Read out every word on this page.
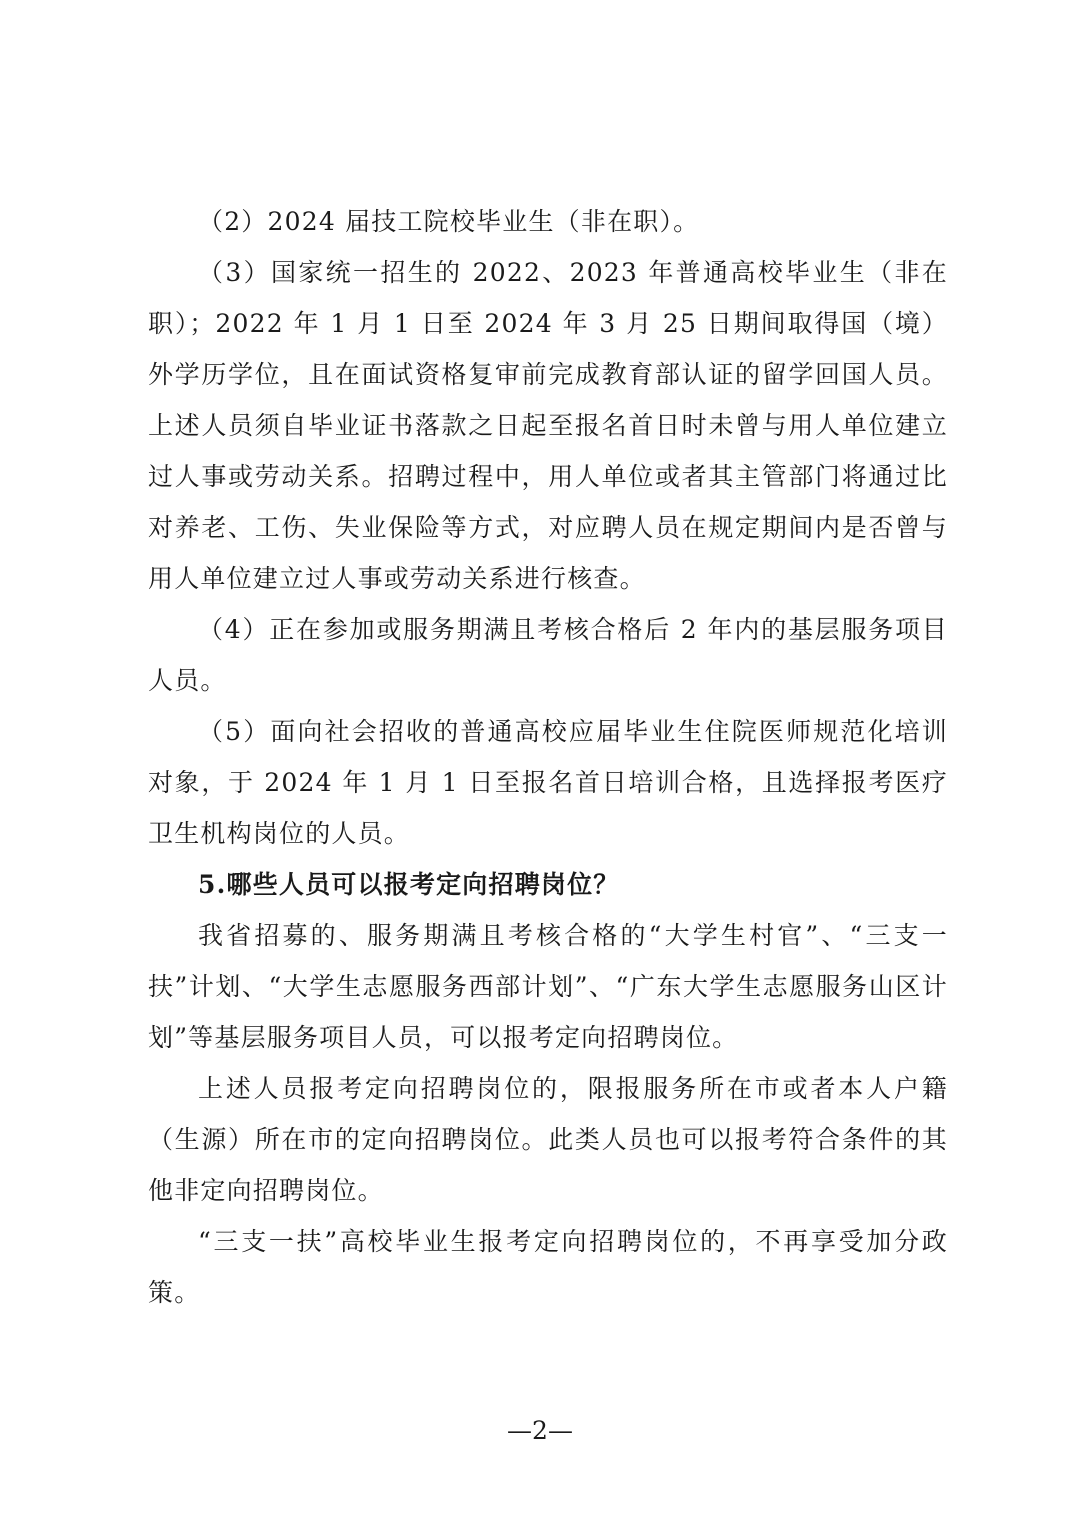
（2）2024 届技工院校毕业生（非在职）。

（3）国家统一招生的 2022、2023 年普通高校毕业生（非在职）；2022 年 1 月 1 日至 2024 年 3 月 25 日期间取得国（境）外学历学位，且在面试资格复审前完成教育部认证的留学回国人员。上述人员须自毕业证书落款之日起至报名首日时未曾与用人单位建立过人事或劳动关系。招聘过程中，用人单位或者其主管部门将通过比对养老、工伤、失业保险等方式，对应聘人员在规定期间内是否曾与用人单位建立过人事或劳动关系进行核查。

（4）正在参加或服务期满且考核合格后 2 年内的基层服务项目人员。

（5）面向社会招收的普通高校应届毕业生住院医师规范化培训对象，于 2024 年 1 月 1 日至报名首日培训合格，且选择报考医疗卫生机构岗位的人员。

5.哪些人员可以报考定向招聘岗位？

我省招募的、服务期满且考核合格的“大学生村官”、“三支一扶”计划、“大学生志愿服务西部计划”、“广东大学生志愿服务山区计划”等基层服务项目人员，可以报考定向招聘岗位。

上述人员报考定向招聘岗位的，限报服务所在市或者本人户籍（生源）所在市的定向招聘岗位。此类人员也可以报考符合条件的其他非定向招聘岗位。

“三支一扶”高校毕业生报考定向招聘岗位的，不再享受加分政策。

—2—
